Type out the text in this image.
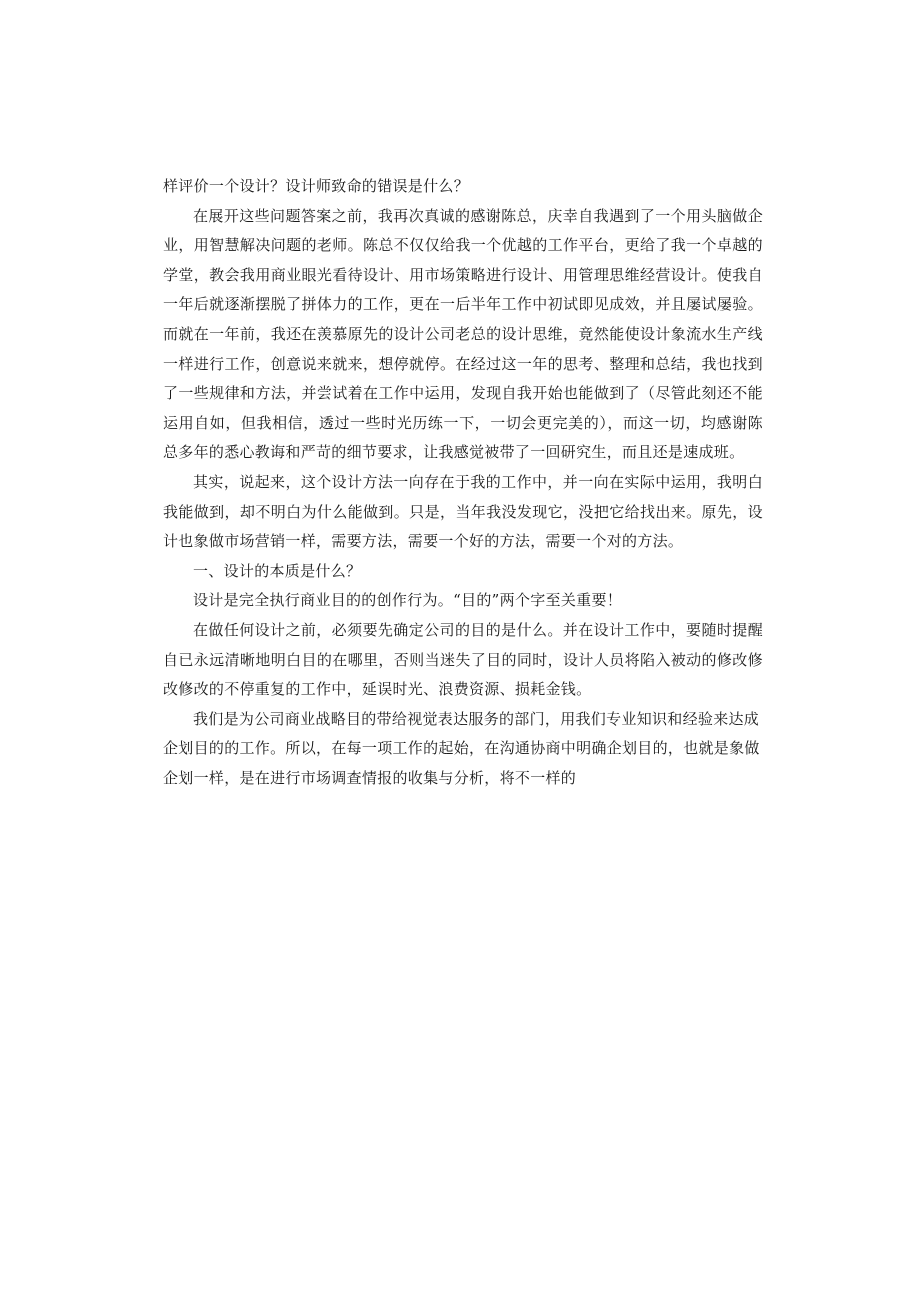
样评价一个设计？设计师致命的错误是什么？

在展开这些问题答案之前，我再次真诚的感谢陈总，庆幸自我遇到了一个用头脑做企业，用智慧解决问题的老师。陈总不仅仅给我一个优越的工作平台，更给了我一个卓越的学堂，教会我用商业眼光看待设计、用市场策略进行设计、用管理思维经营设计。使我自一年后就逐渐摆脱了拼体力的工作，更在一后半年工作中初试即见成效，并且屡试屡验。而就在一年前，我还在羡慕原先的设计公司老总的设计思维，竟然能使设计象流水生产线一样进行工作，创意说来就来，想停就停。在经过这一年的思考、整理和总结，我也找到了一些规律和方法，并尝试着在工作中运用，发现自我开始也能做到了（尽管此刻还不能运用自如，但我相信，透过一些时光历练一下，一切会更完美的），而这一切，均感谢陈总多年的悉心教诲和严苛的细节要求，让我感觉被带了一回研究生，而且还是速成班。

其实，说起来，这个设计方法一向存在于我的工作中，并一向在实际中运用，我明白我能做到，却不明白为什么能做到。只是，当年我没发现它，没把它给找出来。原先，设计也象做市场营销一样，需要方法，需要一个好的方法，需要一个对的方法。

一、设计的本质是什么？

设计是完全执行商业目的的创作行为。“目的”两个字至关重要！

在做任何设计之前，必须要先确定公司的目的是什么。并在设计工作中，要随时提醒自已永远清晰地明白目的在哪里，否则当迷失了目的同时，设计人员将陷入被动的修改修改修改的不停重复的工作中，延误时光、浪费资源、损耗金钱。

我们是为公司商业战略目的带给视觉表达服务的部门，用我们专业知识和经验来达成企划目的的工作。所以，在每一项工作的起始，在沟通协商中明确企划目的，也就是象做企划一样，是在进行市场调查情报的收集与分析，将不一样的
